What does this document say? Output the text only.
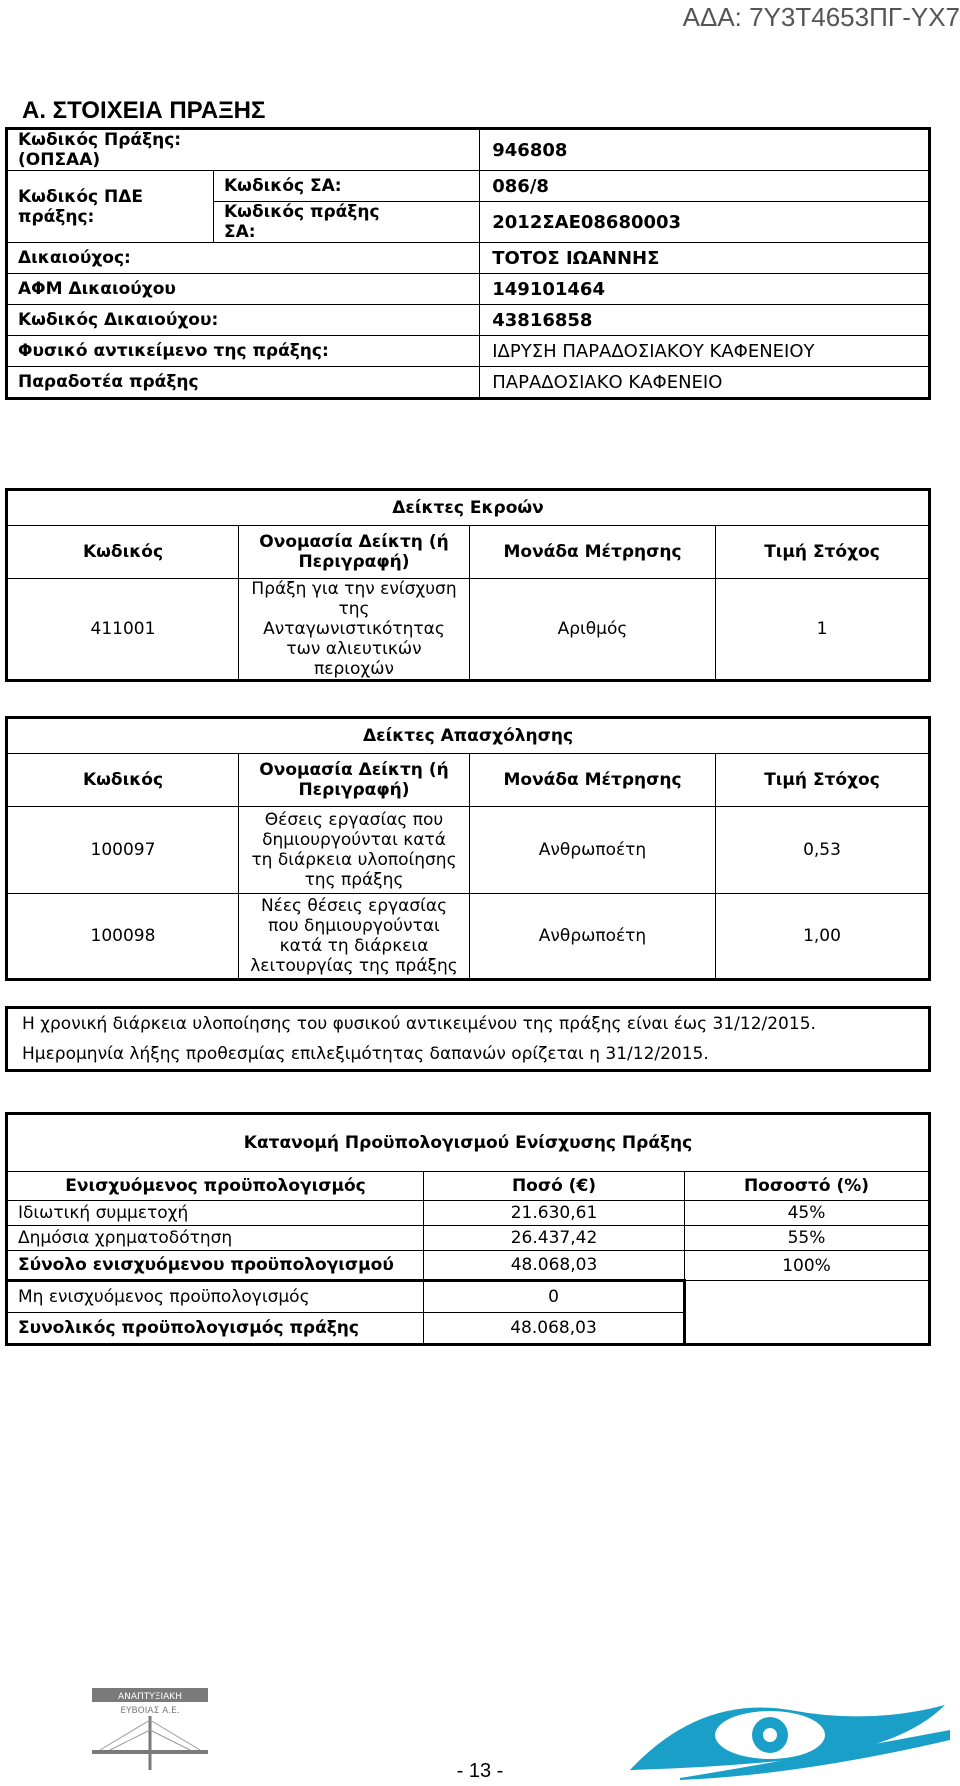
ΑΔΑ: 7Υ3Τ4653ΠΓ-ΥΧ7
Α. ΣΤΟΙΧΕΙΑ ΠΡΑΞΗΣ
Κωδικός Πράξης:
(ΟΠΣΑΑ)		946808

Κωδικός ΠΔΕ
πράξης:	Κωδικός ΣΑ:	086/8

	Κωδικός πράξης
ΣΑ:	2012ΣΑΕ08680003
Δικαιούχος:		ΤΟΤΟΣ ΙΩΑΝΝΗΣ
ΑΦΜ Δικαιούχου		149101464
Κωδικός Δικαιούχου:		43816858
Φυσικό αντικείμενο της πράξης:		ΙΔΡΥΣΗ ΠΑΡΑΔΟΣΙΑΚΟΥ ΚΑΦΕΝΕΙΟΥ
Παραδοτέα πράξης		ΠΑΡΑΔΟΣΙΑΚΟ ΚΑΦΕΝΕΙΟ
Δείκτες Εκροών			
Κωδικός	Ονομασία Δείκτη (ή Περιγραφή)	Μονάδα Μέτρησης	Τιμή Στόχος
411001	Πράξη για την ενίσχυση της Ανταγωνιστικότητας των αλιευτικών περιοχών	Αριθμός	1
Δείκτες Απασχόλησης			
Κωδικός	Ονομασία Δείκτη (ή Περιγραφή)	Μονάδα Μέτρησης	Τιμή Στόχος
100097	Θέσεις εργασίας που δημιουργούνται κατά τη διάρκεια υλοποίησης της πράξης	Ανθρωποέτη	0,53
100098	Νέες θέσεις εργασίας που δημιουργούνται κατά τη διάρκεια λειτουργίας της πράξης	Ανθρωποέτη	1,00
Η χρονική διάρκεια υλοποίησης του φυσικού αντικειμένου της πράξης είναι έως 31/12/2015.
Ημερομηνία λήξης προθεσμίας επιλεξιμότητας δαπανών ορίζεται η 31/12/2015.
Κατανομή Προϋπολογισμού Ενίσχυσης Πράξης		
Ενισχυόμενος προϋπολογισμός	Ποσό (€)	Ποσοστό (%)
Ιδιωτική συμμετοχή	21.630,61	45%
Δημόσια χρηματοδότηση	26.437,42	55%
Σύνολο ενισχυόμενου προϋπολογισμού	48.068,03	100%
Μη ενισχυόμενος προϋπολογισμός	0	
Συνολικός προϋπολογισμός πράξης	48.068,03	
ΑΝΑΠΤΥΞΙΑΚΗ
ΕΥΒΟΙΑΣ Α.Ε.
- 13 -
